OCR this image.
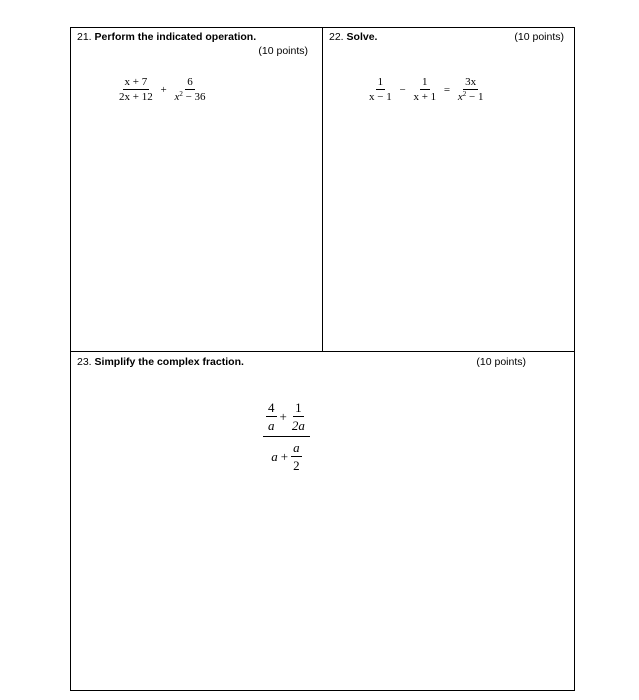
21. Perform the indicated operation.
(10 points)
$\frac{x + 7}{2x + 12} + \frac{6}{x^2 - 36}$
22. Solve.	(10 points)
$\frac{1}{x - 1} - \frac{1}{x + 1} = \frac{3x}{x^2 - 1}$
23. Simplify the complex fraction.	(10 points)
$\frac{4}{a} + \frac{1}{2a}$
$a + \frac{a}{2}$
